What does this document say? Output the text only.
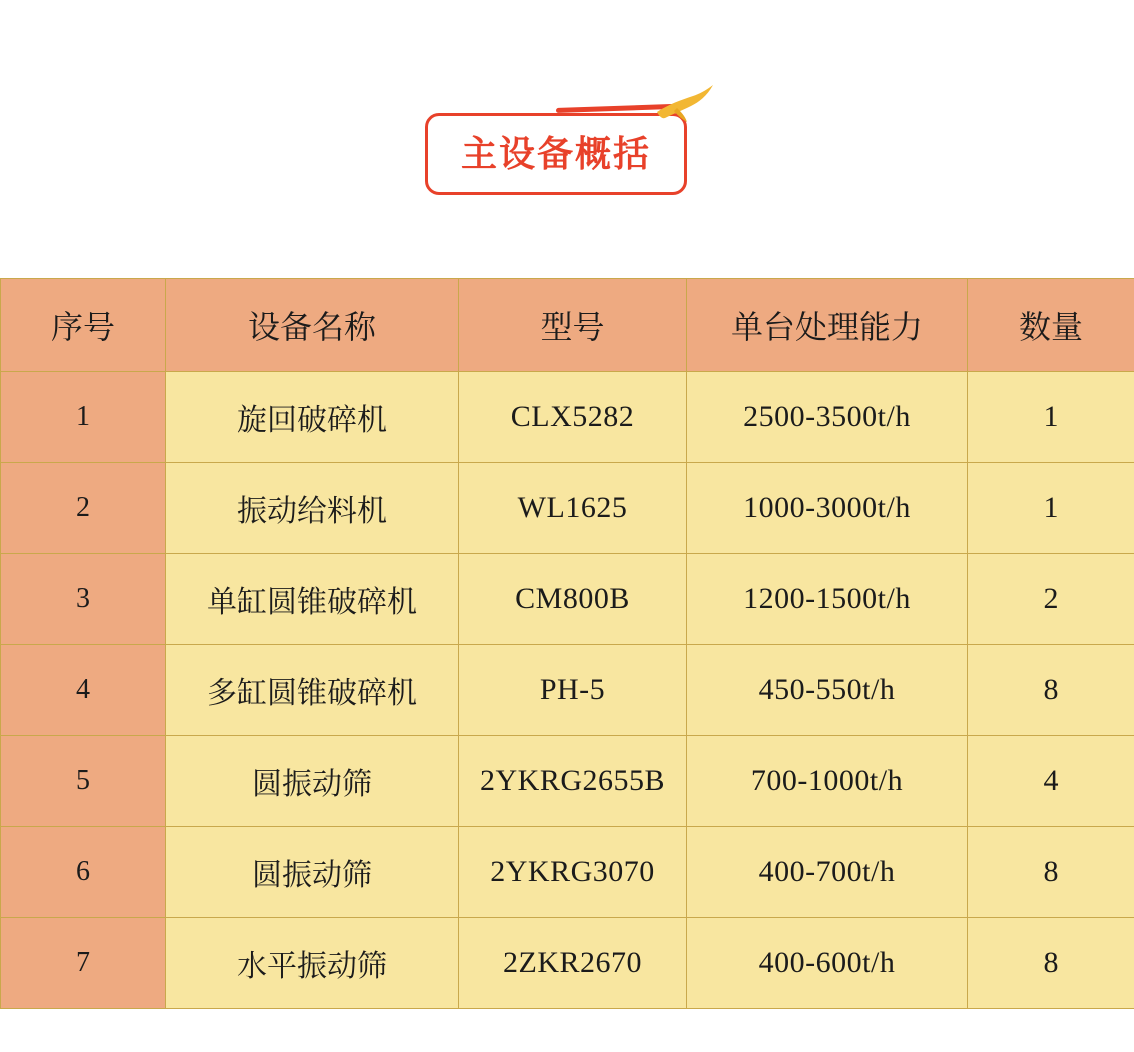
主设备概括
序号	设备名称	型号	单台处理能力	数量
1	旋回破碎机	CLX5282	2500-3500t/h	1
2	振动给料机	WL1625	1000-3000t/h	1
3	单缸圆锥破碎机	CM800B	1200-1500t/h	2
4	多缸圆锥破碎机	PH-5	450-550t/h	8
5	圆振动筛	2YKRG2655B	700-1000t/h	4
6	圆振动筛	2YKRG3070	400-700t/h	8
7	水平振动筛	2ZKR2670	400-600t/h	8
